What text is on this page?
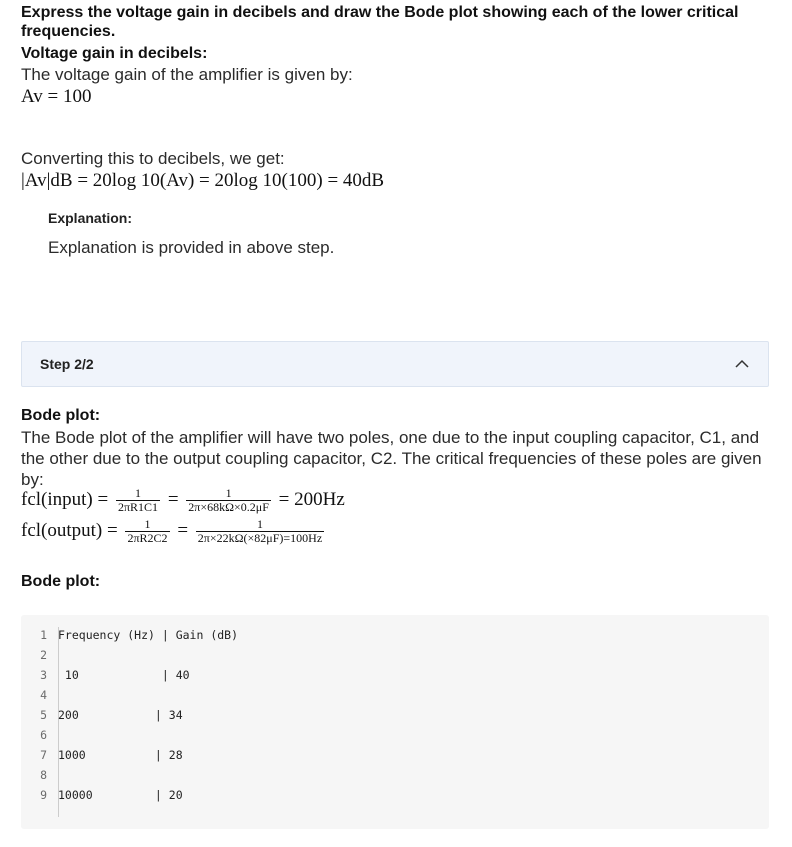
Express the voltage gain in decibels and draw the Bode plot showing each of the lower critical frequencies.
Voltage gain in decibels:
The voltage gain of the amplifier is given by:
Av = 100
Converting this to decibels, we get:
|Av|dB = 20log 10(Av) = 20log 10(100) = 40dB
Explanation:
Explanation is provided in above step.
Step 2/2
Bode plot:
The Bode plot of the amplifier will have two poles, one due to the input coupling capacitor, C1, and the other due to the output coupling capacitor, C2. The critical frequencies of these poles are given by:
fcl(input) = $\frac{1}{2\pi R1C1} = \frac{1}{2\pi\times 68k\Omega\times 0.2\mu F} = 200Hz$
fcl(output) = $\frac{1}{2\pi R2C2} = \frac{1}{2\pi\times 22k\Omega(\times 82\mu F)=100Hz}$
Bode plot:
1 Frequency (Hz) | Gain (dB)
2
3 10            | 40
4
5 200           | 34
6
7 1000          | 28
8
9 10000         | 20
